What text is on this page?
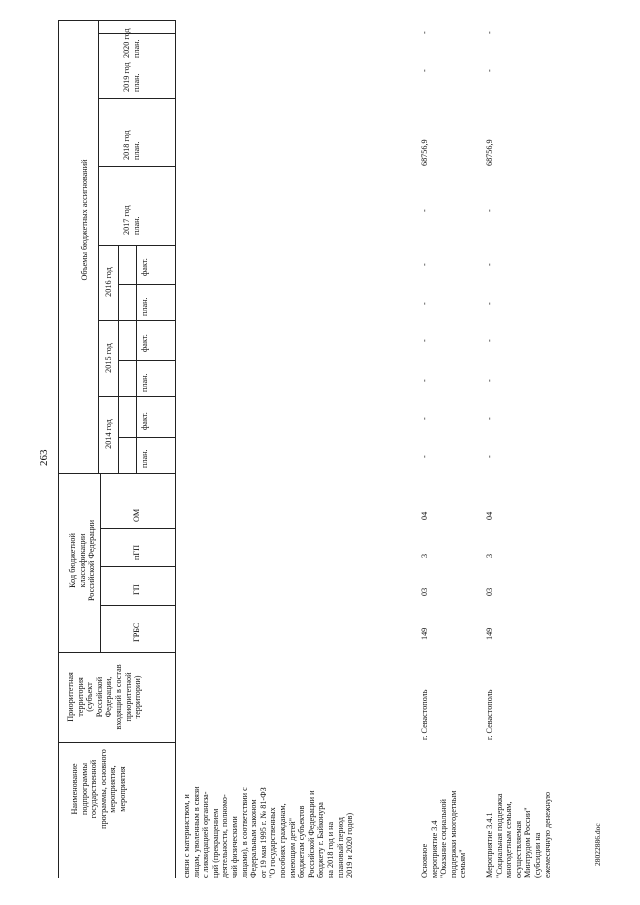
263
Наименование
подпрограммы
государственной
программы, основного
мероприятия,
мероприятия
Приоритетная
территория
(субъект
Российской
Федерации,
входящий в состав
приоритетной
территории)
Код бюджетной
классификации
Российской Федерации
ГРБС
ГП
пГП
ОМ
Объемы бюджетных ассигнований
2014 год
2015 год
2016 год
план.
факт.
план.
факт.
план.
факт.
2017 год
план.
2018 год
план.
2019 год
план.
2020 год
план.
связи с материнством, и
лицам, уволенным в связи
с ликвидацией организа-
ций (прекращением
деятельности, полномо-
чий физическими
лицами), в соответствии с
Федеральным законом
от 19 мая 1995 г. № 81-ФЗ
"О государственных
пособиях гражданам,
имеющим детей"
бюджетам субъектов
Российской Федерации и
бюджету г. Байконура
на 2018 год и на
плановый период
2019 и 2020 годов)
Основное
мероприятие 3.4
"Оказание социальной
поддержки многодетным
семьям"
г. Севастополь
149
03
3
04
-
-
-
-
-
-
-
68756,9
-
-
Мероприятие 3.4.1
"Социальная поддержка
многодетным семьям,
осуществляемая
Минтрудом России"
(субсидии на
ежемесячную денежную
г. Севастополь
149
03
3
04
-
-
-
-
-
-
-
68756,9
-
-
28022886.doc
